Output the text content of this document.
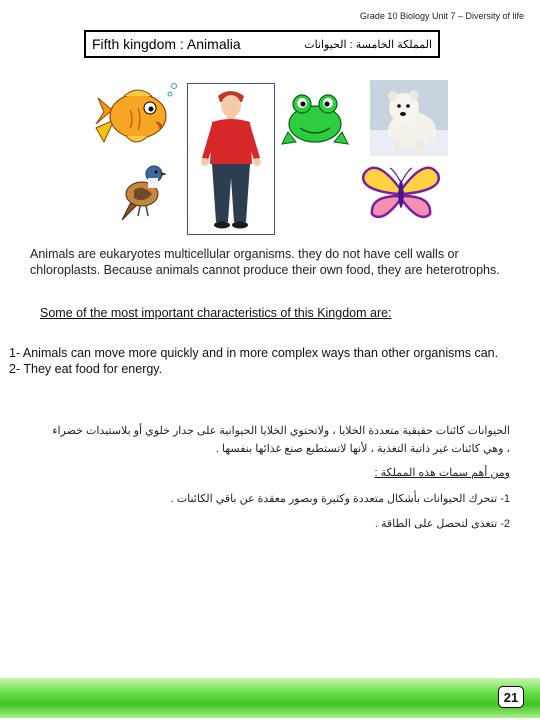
Grade 10 Biology Unit 7 – Diversity of life
Fifth kingdom : Animalia	المملكة الخامسة : الحيوانات
Animals are eukaryotes multicellular organisms. they do not have cell walls or chloroplasts. Because animals cannot produce their own food, they are heterotrophs.
Some of the most important characteristics of this Kingdom are:
1- Animals can move more quickly and in more complex ways than other organisms can.
2- They eat food for energy.
الحيوانات كائنات حقيقية متعددة الخلايا ، ولاتحتوي الخلايا الحيوانية على جدار خلوي أو بلاستيدات خضراء
، وهي كائنات غير ذاتية التغذية ، لأنها لاتستطيع صنع غذائها بنفسها .
ومن أهم سمات هذه المملكة :
1- تتحرك الحيوانات بأشكال متعددة وكثيرة وبصور معقدة عن باقي الكائنات .
2- تتغذى لتحصل على الطاقة .
21
